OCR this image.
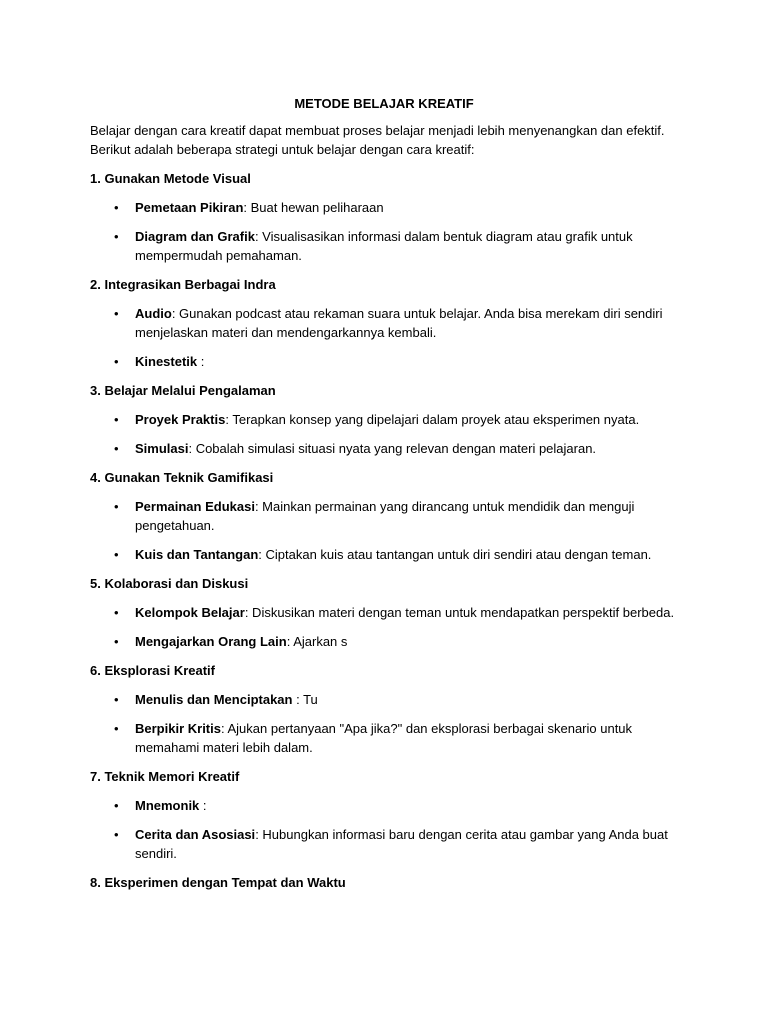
METODE BELAJAR KREATIF
Belajar dengan cara kreatif dapat membuat proses belajar menjadi lebih menyenangkan dan efektif. Berikut adalah beberapa strategi untuk belajar dengan cara kreatif:
1. Gunakan Metode Visual
• Pemetaan Pikiran: Buat hewan peliharaan
• Diagram dan Grafik: Visualisasikan informasi dalam bentuk diagram atau grafik untuk mempermudah pemahaman.
2. Integrasikan Berbagai Indra
• Audio: Gunakan podcast atau rekaman suara untuk belajar. Anda bisa merekam diri sendiri menjelaskan materi dan mendengarkannya kembali.
• Kinestetik :
3. Belajar Melalui Pengalaman
• Proyek Praktis: Terapkan konsep yang dipelajari dalam proyek atau eksperimen nyata.
• Simulasi: Cobalah simulasi situasi nyata yang relevan dengan materi pelajaran.
4. Gunakan Teknik Gamifikasi
• Permainan Edukasi: Mainkan permainan yang dirancang untuk mendidik dan menguji pengetahuan.
• Kuis dan Tantangan: Ciptakan kuis atau tantangan untuk diri sendiri atau dengan teman.
5. Kolaborasi dan Diskusi
• Kelompok Belajar: Diskusikan materi dengan teman untuk mendapatkan perspektif berbeda.
• Mengajarkan Orang Lain: Ajarkan s
6. Eksplorasi Kreatif
• Menulis dan Menciptakan : Tu
• Berpikir Kritis: Ajukan pertanyaan "Apa jika?" dan eksplorasi berbagai skenario untuk memahami materi lebih dalam.
7. Teknik Memori Kreatif
• Mnemonik :
• Cerita dan Asosiasi: Hubungkan informasi baru dengan cerita atau gambar yang Anda buat sendiri.
8. Eksperimen dengan Tempat dan Waktu
